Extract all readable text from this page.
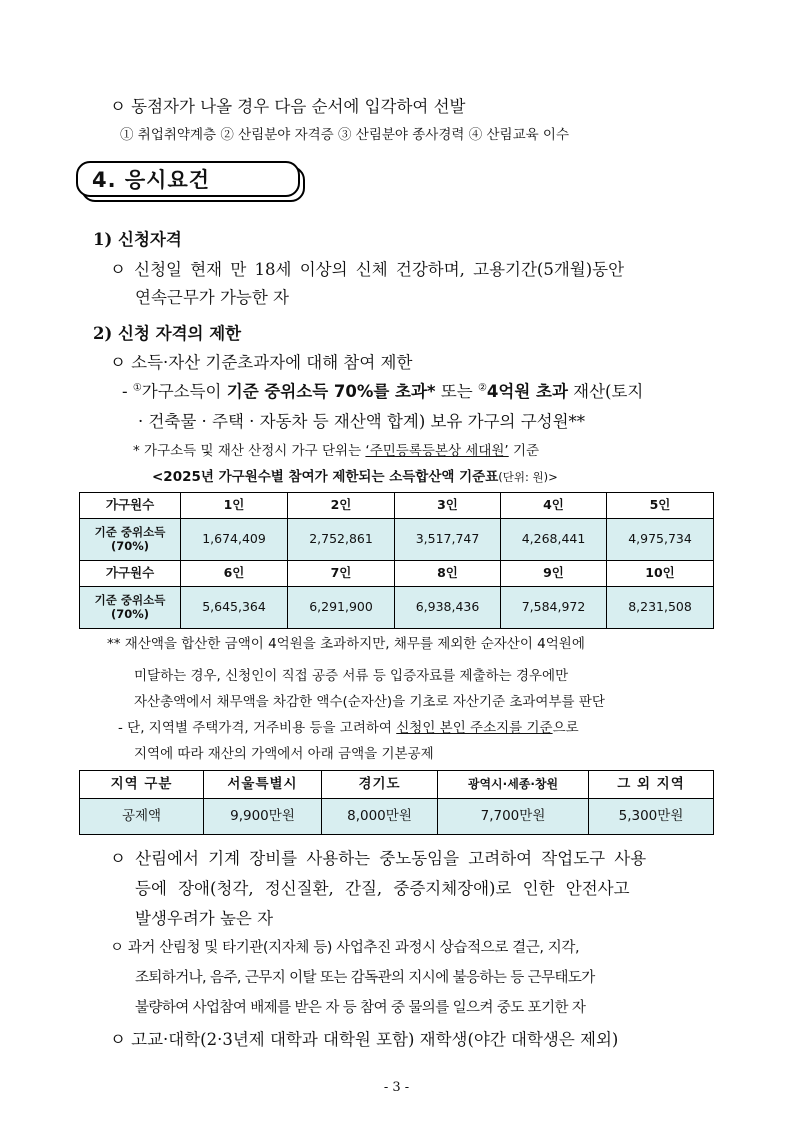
ㅇ 동점자가 나올 경우 다음 순서에 입각하여 선발
① 취업취약계층 ② 산림분야 자격증 ③ 산림분야 종사경력 ④ 산림교육 이수
4. 응시요건
1) 신청자격
ㅇ 신청일 현재 만 18세 이상의 신체 건강하며, 고용기간(5개월)동안
연속근무가 가능한 자
2) 신청 자격의 제한
ㅇ 소득·자산 기준초과자에 대해 참여 제한
- ①가구소득이 기준 중위소득 70%를 초과* 또는 ②4억원 초과 재산(토지
· 건축물 · 주택 · 자동차 등 재산액 합계) 보유 가구의 구성원**
* 가구소득 및 재산 산정시 가구 단위는 ‘주민등록등본상 세대원’ 기준
<2025년 가구원수별 참여가 제한되는 소득합산액 기준표(단위: 원)>
가구원수	1인	2인	3인	4인	5인
기준 중위소득 (70%)	1,674,409	2,752,861	3,517,747	4,268,441	4,975,734
가구원수	6인	7인	8인	9인	10인
기준 중위소득 (70%)	5,645,364	6,291,900	6,938,436	7,584,972	8,231,508
** 재산액을 합산한 금액이 4억원을 초과하지만, 채무를 제외한 순자산이 4억원에
미달하는 경우, 신청인이 직접 공증 서류 등 입증자료를 제출하는 경우에만
자산총액에서 채무액을 차감한 액수(순자산)을 기초로 자산기준 초과여부를 판단
- 단, 지역별 주택가격, 거주비용 등을 고려하여 신청인 본인 주소지를 기준으로
지역에 따라 재산의 가액에서 아래 금액을 기본공제
지역 구분	서울특별시	경기도	광역시·세종·창원	그 외 지역
공제액	9,900만원	8,000만원	7,700만원	5,300만원
ㅇ 산림에서 기계 장비를 사용하는 중노동임을 고려하여 작업도구 사용
등에 장애(청각, 정신질환, 간질, 중증지체장애)로 인한 안전사고
발생우려가 높은 자
ㅇ 과거 산림청 및 타기관(지자체 등) 사업추진 과정시 상습적으로 결근, 지각,
조퇴하거나, 음주, 근무지 이탈 또는 감독관의 지시에 불응하는 등 근무태도가
불량하여 사업참여 배제를 받은 자 등 참여 중 물의를 일으켜 중도 포기한 자
ㅇ 고교·대학(2·3년제 대학과 대학원 포함) 재학생(야간 대학생은 제외)
- 3 -
